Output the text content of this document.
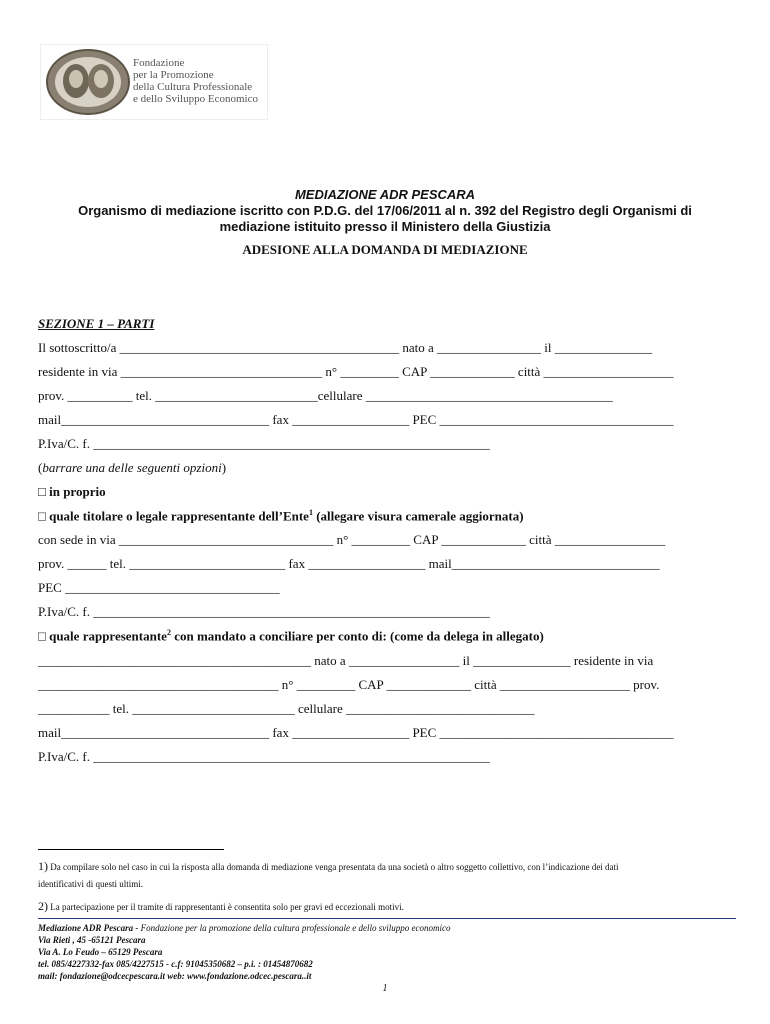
Fondazione
per la Promozione
della Cultura Professionale
e dello Sviluppo Economico
MEDIAZIONE ADR PESCARA
Organismo di mediazione iscritto con P.D.G. del 17/06/2011 al n. 392 del Registro degli Organismi di
mediazione istituito presso il Ministero della Giustizia
ADESIONE ALLA DOMANDA DI MEDIAZIONE
SEZIONE 1 – PARTI
Il sottoscritto/a ___________________________________________ nato a ________________ il _______________
residente in via _______________________________ n° _________ CAP _____________ città ____________________
prov. __________ tel. _________________________cellulare ______________________________________
mail________________________________ fax __________________ PEC ____________________________________
P.Iva/C. f. _____________________________________________________________
(barrare una delle seguenti opzioni)
□ in proprio
□ quale titolare o legale rappresentante dell’Ente$^1$ (allegare visura camerale aggiornata)
con sede in via _________________________________ n° _________ CAP _____________ città _________________
prov. ______ tel. ________________________ fax __________________ mail________________________________
PEC _________________________________
P.Iva/C. f. _____________________________________________________________
□ quale rappresentante$^2$ con mandato a conciliare per conto di: (come da delega in allegato)
__________________________________________ nato a _________________ il _______________ residente in via
_____________________________________ n° _________ CAP _____________ città ____________________ prov.
___________ tel. _________________________ cellulare _____________________________
mail________________________________ fax __________________ PEC ____________________________________
P.Iva/C. f. _____________________________________________________________
1) Da compilare solo nel caso in cui la risposta alla domanda di mediazione venga presentata da una società o altro soggetto collettivo, con l’indicazione dei dati
identificativi di questi ultimi.
2) La partecipazione per il tramite di rappresentanti è consentita solo per gravi ed eccezionali motivi.
Mediazione ADR Pescara - Fondazione per la promozione della cultura professionale e dello sviluppo economico
Via Rieti , 45 -65121 Pescara
Via A. Lo Feudo – 65129 Pescara
tel. 085/4227332-fax 085/4227515 - c.f: 91045350682 – p.i. : 01454870682
mail: fondazione@odcecpescara.it web: www.fondazione.odcec.pescara..it
1
